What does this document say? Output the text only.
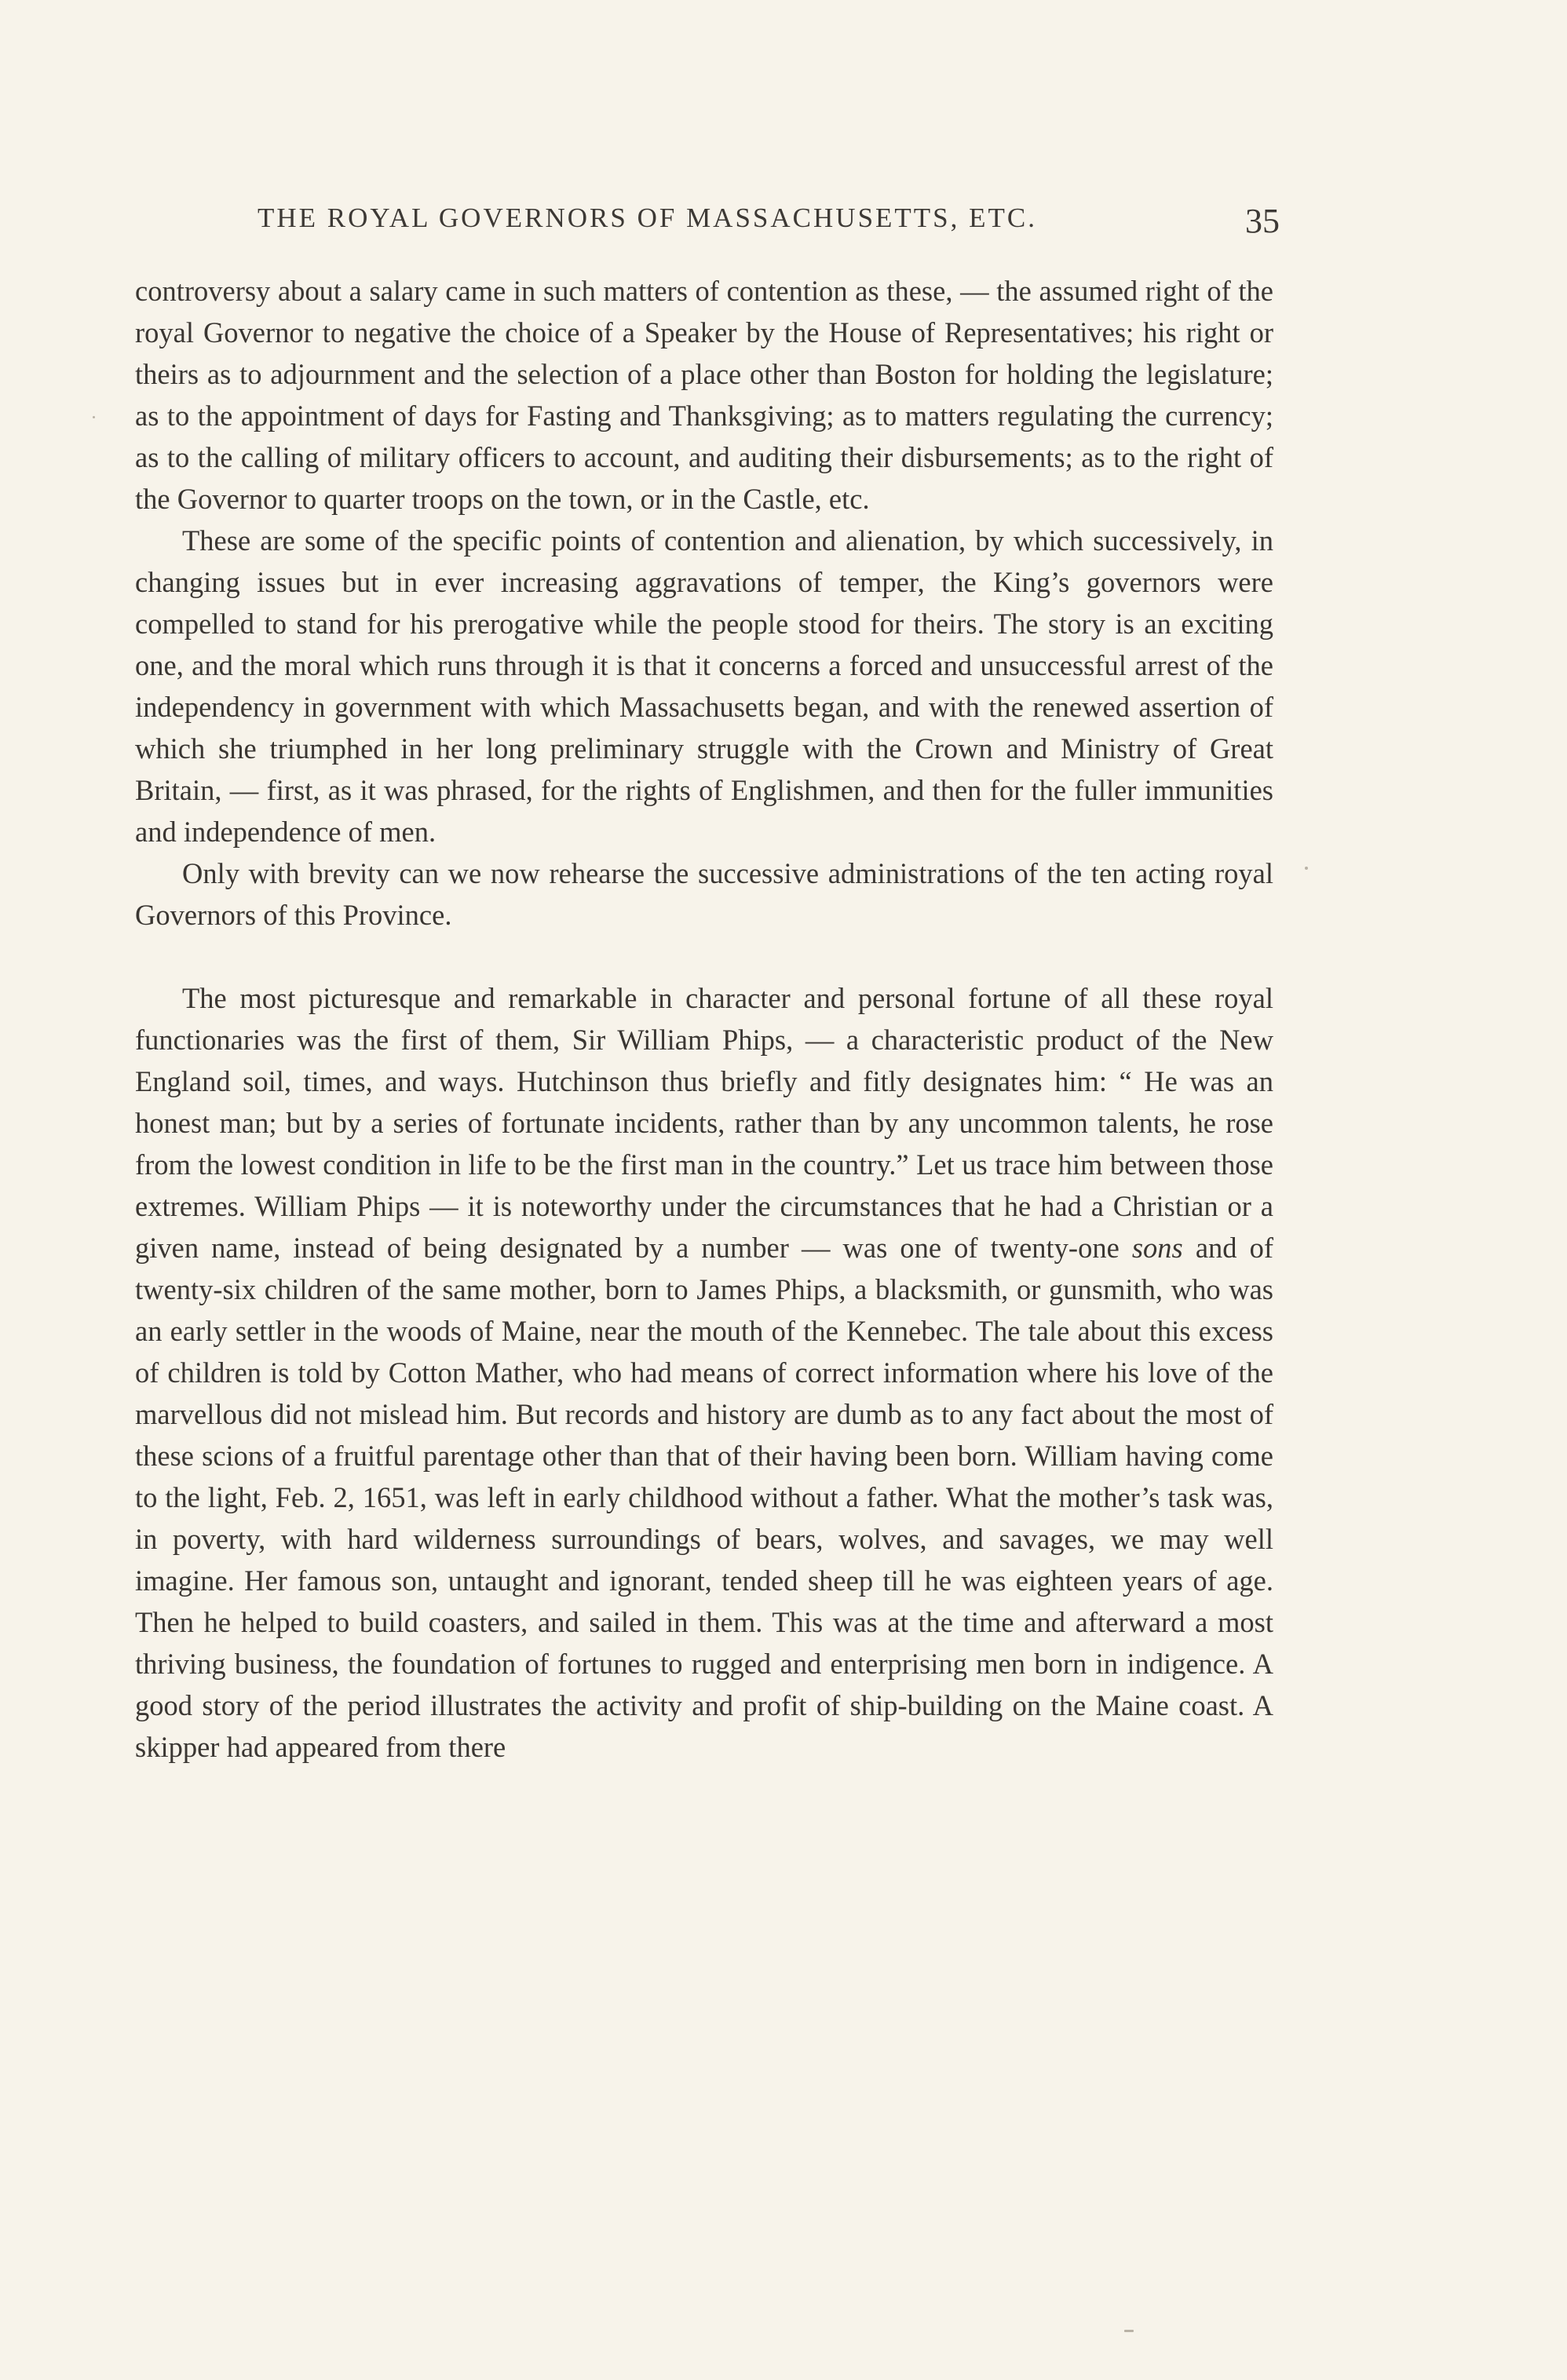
THE ROYAL GOVERNORS OF MASSACHUSETTS, ETC.	35

controversy about a salary came in such matters of contention as these, — the assumed right of the royal Governor to negative the choice of a Speaker by the House of Representatives; his right or theirs as to adjournment and the selection of a place other than Boston for holding the legislature; as to the appointment of days for Fasting and Thanksgiving; as to matters regulating the currency; as to the calling of military officers to account, and auditing their disbursements; as to the right of the Governor to quarter troops on the town, or in the Castle, etc.

These are some of the specific points of contention and alienation, by which successively, in changing issues but in ever increasing aggravations of temper, the King’s governors were compelled to stand for his prerogative while the people stood for theirs. The story is an exciting one, and the moral which runs through it is that it concerns a forced and unsuccessful arrest of the independency in government with which Massachusetts began, and with the renewed assertion of which she triumphed in her long preliminary struggle with the Crown and Ministry of Great Britain, — first, as it was phrased, for the rights of Englishmen, and then for the fuller immunities and independence of men.

Only with brevity can we now rehearse the successive administrations of the ten acting royal Governors of this Province.

The most picturesque and remarkable in character and personal fortune of all these royal functionaries was the first of them, Sir William Phips, — a characteristic product of the New England soil, times, and ways. Hutchinson thus briefly and fitly designates him: “ He was an honest man; but by a series of fortunate incidents, rather than by any uncommon talents, he rose from the lowest condition in life to be the first man in the country.” Let us trace him between those extremes. William Phips — it is noteworthy under the circumstances that he had a Christian or a given name, instead of being designated by a number — was one of twenty-one sons and of twenty-six children of the same mother, born to James Phips, a blacksmith, or gunsmith, who was an early settler in the woods of Maine, near the mouth of the Kennebec. The tale about this excess of children is told by Cotton Mather, who had means of correct information where his love of the marvellous did not mislead him. But records and history are dumb as to any fact about the most of these scions of a fruitful parentage other than that of their having been born. William having come to the light, Feb. 2, 1651, was left in early childhood without a father. What the mother’s task was, in poverty, with hard wilderness surroundings of bears, wolves, and savages, we may well imagine. Her famous son, untaught and ignorant, tended sheep till he was eighteen years of age. Then he helped to build coasters, and sailed in them. This was at the time and afterward a most thriving business, the foundation of fortunes to rugged and enterprising men born in indigence. A good story of the period illustrates the activity and profit of ship-building on the Maine coast. A skipper had appeared from there
